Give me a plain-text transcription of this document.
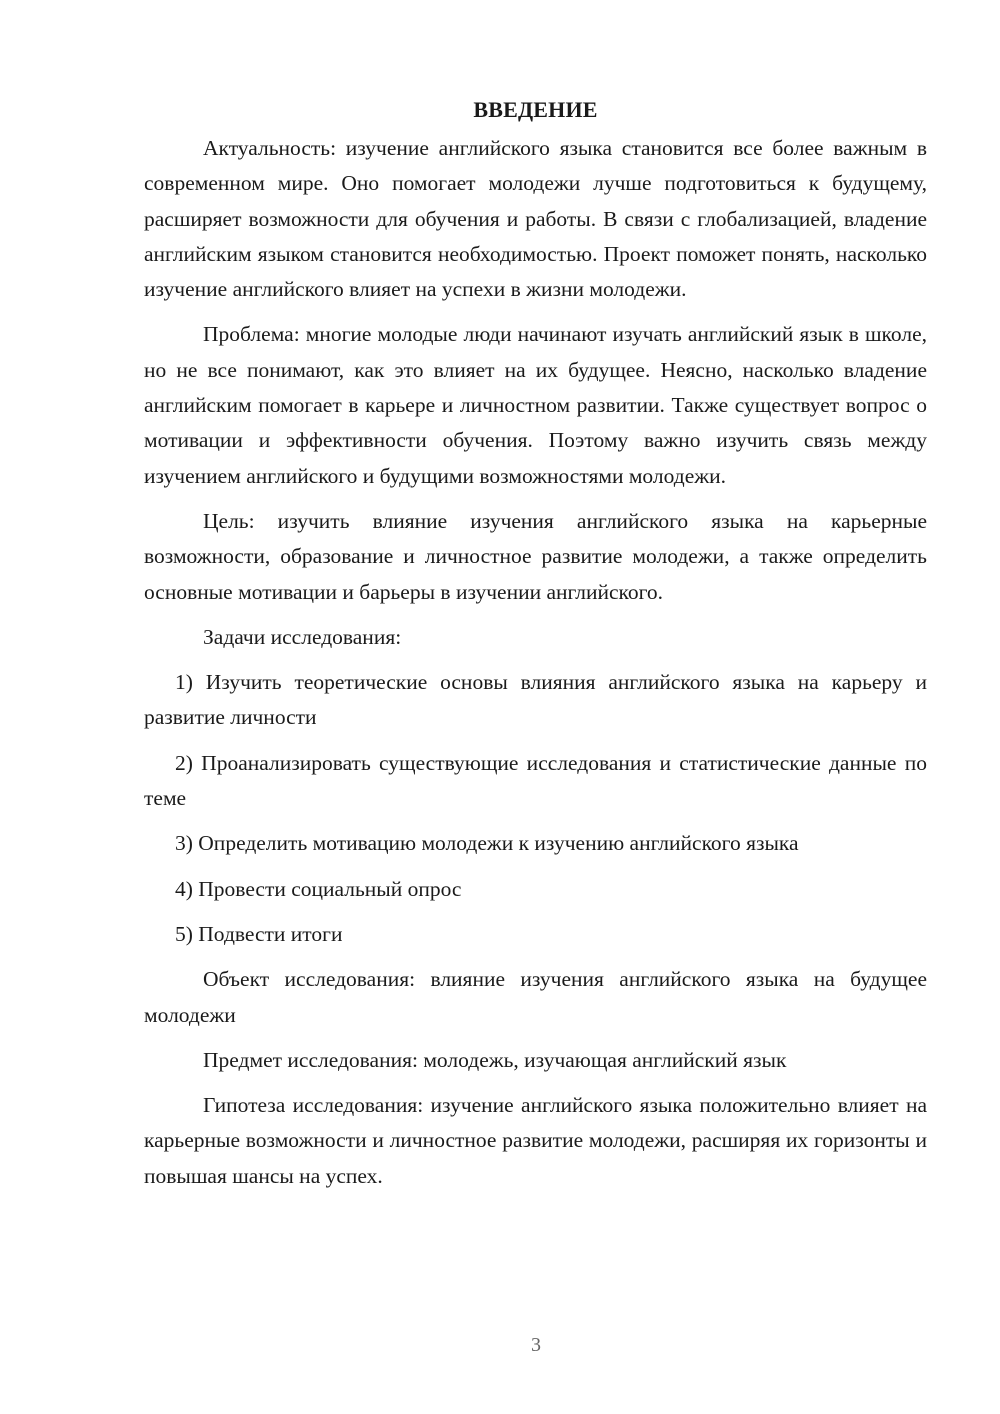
ВВЕДЕНИЕ

Актуальность: изучение английского языка становится все более важным в современном мире. Оно помогает молодежи лучше подготовиться к будущему, расширяет возможности для обучения и работы. В связи с глобализацией, владение английским языком становится необходимостью. Проект поможет понять, насколько изучение английского влияет на успехи в жизни молодежи.

Проблема: многие молодые люди начинают изучать английский язык в школе, но не все понимают, как это влияет на их будущее. Неясно, насколько владение английским помогает в карьере и личностном развитии. Также существует вопрос о мотивации и эффективности обучения. Поэтому важно изучить связь между изучением английского и будущими возможностями молодежи.

Цель: изучить влияние изучения английского языка на карьерные возможности, образование и личностное развитие молодежи, а также определить основные мотивации и барьеры в изучении английского.

Задачи исследования:

1) Изучить теоретические основы влияния английского языка на карьеру и развитие личности

2) Проанализировать существующие исследования и статистические данные по теме

3) Определить мотивацию молодежи к изучению английского языка

4) Провести социальный опрос

5) Подвести итоги

Объект исследования: влияние изучения английского языка на будущее молодежи

Предмет исследования: молодежь, изучающая английский язык

Гипотеза исследования: изучение английского языка положительно влияет на карьерные возможности и личностное развитие молодежи, расширяя их горизонты и повышая шансы на успех.

3
